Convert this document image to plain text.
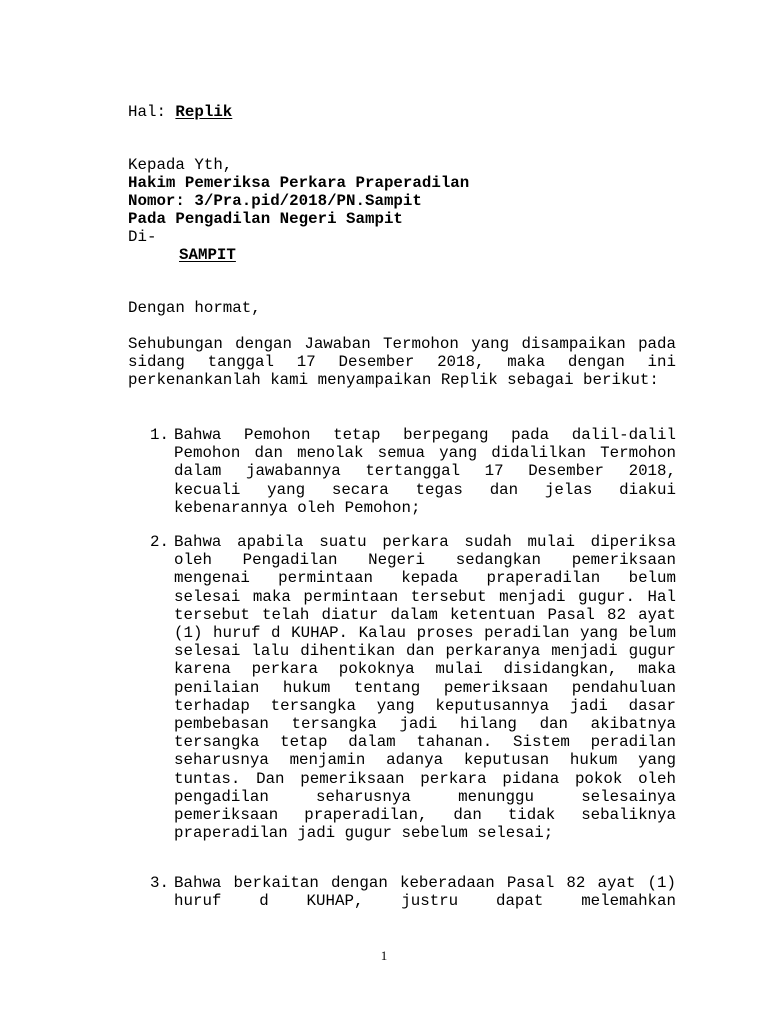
Hal: Replik
Kepada Yth,
Hakim Pemeriksa Perkara Praperadilan
Nomor: 3/Pra.pid/2018/PN.Sampit
Pada Pengadilan Negeri Sampit
Di-
SAMPIT
Dengan hormat,
Sehubungan dengan Jawaban Termohon yang disampaikan pada sidang tanggal 17 Desember 2018, maka dengan ini perkenankanlah kami menyampaikan Replik sebagai berikut:
1. Bahwa Pemohon tetap berpegang pada dalil-dalil Pemohon dan menolak semua yang didalilkan Termohon dalam jawabannya tertanggal 17 Desember 2018, kecuali yang secara tegas dan jelas diakui kebenarannya oleh Pemohon;
2. Bahwa apabila suatu perkara sudah mulai diperiksa oleh Pengadilan Negeri sedangkan pemeriksaan mengenai permintaan kepada praperadilan belum selesai maka permintaan tersebut menjadi gugur. Hal tersebut telah diatur dalam ketentuan Pasal 82 ayat (1) huruf d KUHAP. Kalau proses peradilan yang belum selesai lalu dihentikan dan perkaranya menjadi gugur karena perkara pokoknya mulai disidangkan, maka penilaian hukum tentang pemeriksaan pendahuluan terhadap tersangka yang keputusannya jadi dasar pembebasan tersangka jadi hilang dan akibatnya tersangka tetap dalam tahanan. Sistem peradilan seharusnya menjamin adanya keputusan hukum yang tuntas. Dan pemeriksaan perkara pidana pokok oleh pengadilan seharusnya menunggu selesainya pemeriksaan praperadilan, dan tidak sebaliknya praperadilan jadi gugur sebelum selesai;
3. Bahwa berkaitan dengan keberadaan Pasal 82 ayat (1) huruf d KUHAP, justru dapat melemahkan
1
